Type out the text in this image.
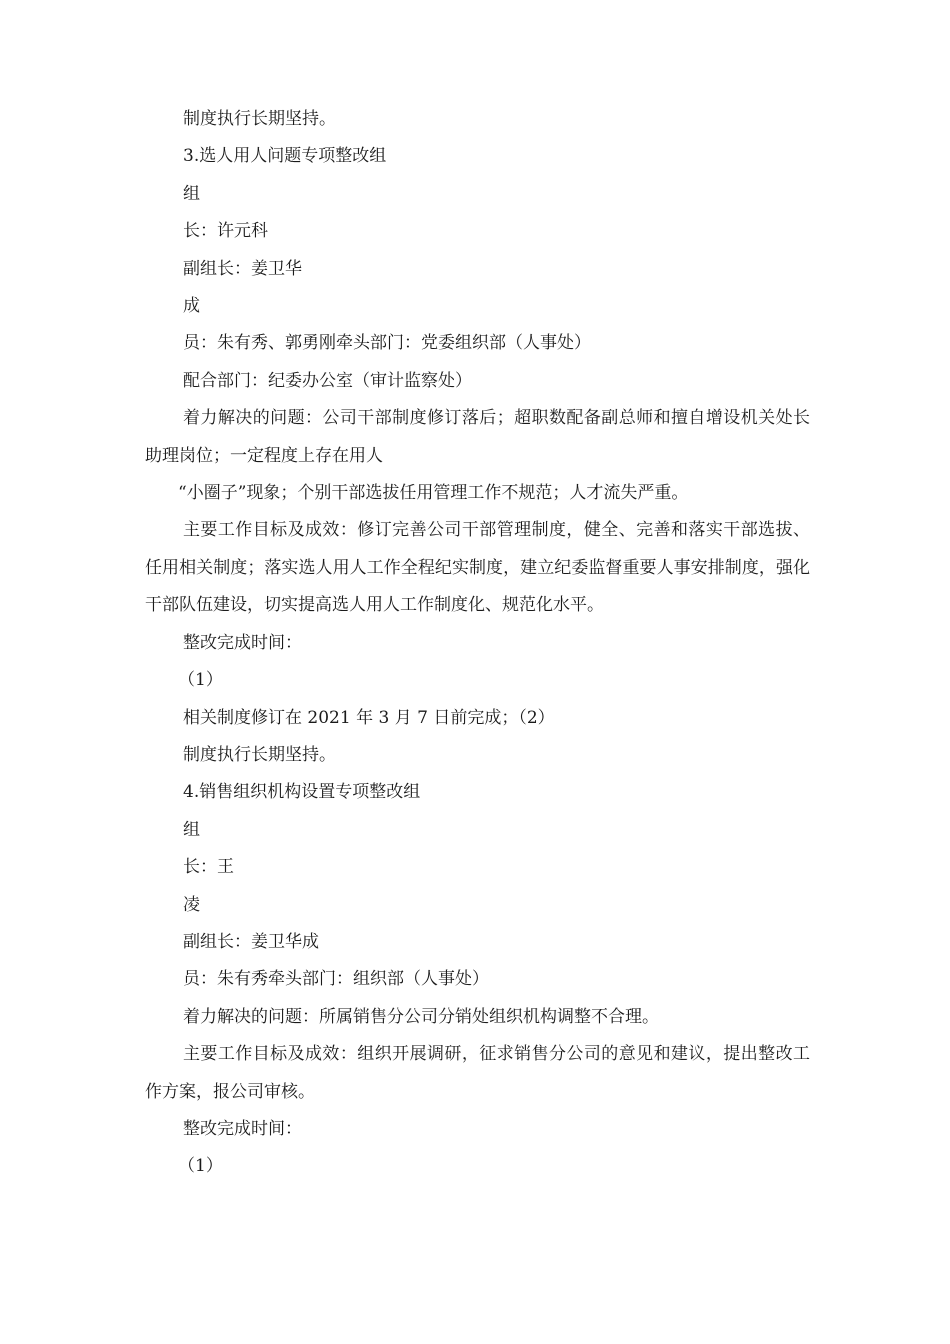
制度执行长期坚持。

3.选人用人问题专项整改组

组

长：许元科

副组长：姜卫华

成

员：朱有秀、郭勇刚牵头部门：党委组织部（人事处）

配合部门：纪委办公室（审计监察处）

着力解决的问题：公司干部制度修订落后；超职数配备副总师和擅自增设机关处长助理岗位；一定程度上存在用人

“小圈子”现象；个别干部选拔任用管理工作不规范；人才流失严重。

主要工作目标及成效：修订完善公司干部管理制度，健全、完善和落实干部选拔、任用相关制度；落实选人用人工作全程纪实制度，建立纪委监督重要人事安排制度，强化干部队伍建设，切实提高选人用人工作制度化、规范化水平。

整改完成时间：

（1）

相关制度修订在 2021 年 3 月 7 日前完成；（2）

制度执行长期坚持。

4.销售组织机构设置专项整改组

组

长：王

凌

副组长：姜卫华成

员：朱有秀牵头部门：组织部（人事处）

着力解决的问题：所属销售分公司分销处组织机构调整不合理。

主要工作目标及成效：组织开展调研，征求销售分公司的意见和建议，提出整改工作方案，报公司审核。

整改完成时间：

（1）
